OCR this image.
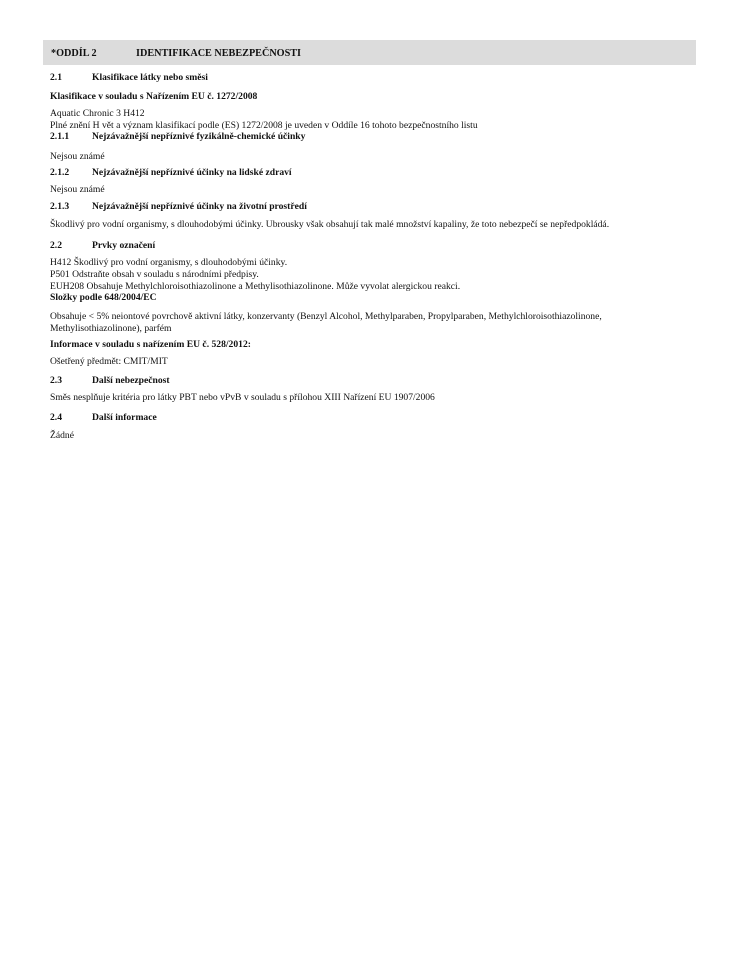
*ODDÍL 2	IDENTIFIKACE NEBEZPEČNOSTI
2.1	Klasifikace látky nebo směsi
Klasifikace v souladu s Nařízením EU č. 1272/2008
Aquatic Chronic 3 H412
Plné znění H vět a význam klasifikací podle (ES) 1272/2008 je uveden v Oddíle 16 tohoto bezpečnostního listu
2.1.1 Nejzávažnější nepříznivé fyzikálně-chemické účinky
Nejsou známé
2.1.2 Nejzávažnější nepříznivé účinky na lidské zdraví
Nejsou známé
2.1.3 Nejzávažnější nepříznivé účinky na životní prostředí
Škodlivý pro vodní organismy, s dlouhodobými účinky. Ubrousky však obsahují tak malé množství kapaliny, že toto nebezpečí se nepředpokládá.
2.2	Prvky označení
H412 Škodlivý pro vodní organismy, s dlouhodobými účinky.
P501 Odstraňte obsah v souladu s národními předpisy.
EUH208 Obsahuje Methylchloroisothiazolinone a Methylisothiazolinone. Může vyvolat alergickou reakci.
Složky podle 648/2004/EC
Obsahuje < 5% neiontové povrchově aktivní látky, konzervanty (Benzyl Alcohol, Methylparaben, Propylparaben, Methylchloroisothiazolinone,
Methylisothiazolinone), parfém
Informace v souladu s nařízením EU č. 528/2012:
Ošetřený předmět: CMIT/MIT
2.3	Další nebezpečnost
Směs nesplňuje kritéria pro látky PBT nebo vPvB v souladu s přílohou XIII Nařízení EU 1907/2006
2.4	Další informace
Žádné
